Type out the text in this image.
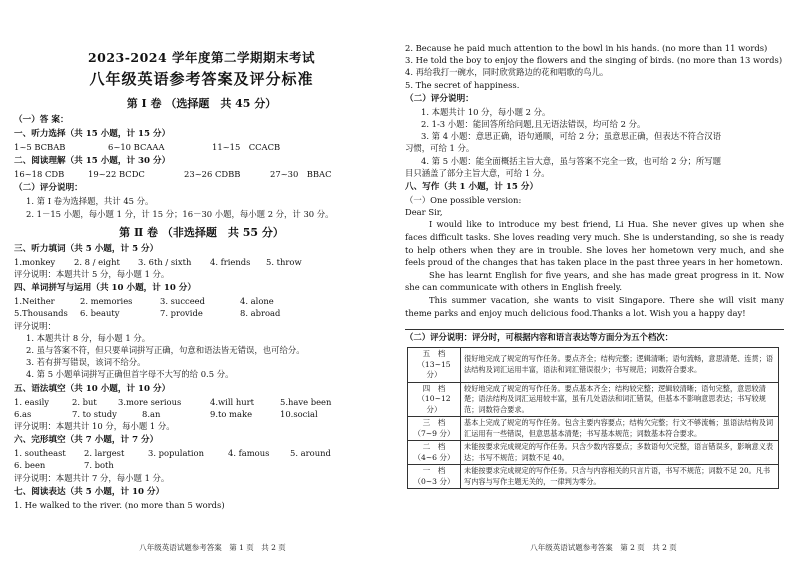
2023-2024 学年度第二学期期末考试
八年级英语参考答案及评分标准
第 Ⅰ 卷 （选择题　共 45 分）
（一）答 案：
一、听力选择（共 15 小题，计 15 分）
1~5 BCBAB	6~10 BCAAA	11~15　CCACB
二、阅读理解（共 15 小题，计 30 分）
16~18 CDB	19~22 BCDC	23~26 CDBB	27~30　BBAC
（二）评分说明：
1. 第 Ⅰ 卷为选择题，共计 45 分。
2. 1－15 小题，每小题 1 分，计 15 分；16－30 小题，每小题 2 分，计 30 分。
第 Ⅱ 卷 （非选择题　共 55 分）
三、听力填词（共 5 小题，计 5 分）
1.monkey 2. 8 / eight 3. 6th / sixth 4. friends 5. throw
评分说明：本题共计 5 分，每小题 1 分。
四、单词拼写与运用（共 10 小题，计 10 分）
1.Neither	2. memories	3. succeed	4. alone
5.Thousands 6. beauty	7. provide	8. abroad
评分说明：
1. 本题共计 8 分，每小题 1 分。
2. 虽与答案不符，但只要单词拼写正确，句意和语法皆无错误，也可给分。
3. 若有拼写错误，该词不给分。
4. 第 5 小题单词拼写正确但首字母不大写的给 0.5 分。
五、语法填空（共 10 小题，计 10 分）
1. easily	2. but	3.more serious	4.will hurt	5.have been
6.as	7. to study	8.an	9.to make	10.social
评分说明：本题共计 10 分，每小题 1 分。
六、完形填空（共 7 小题，计 7 分）
1. southeast 2. largest	3. population	4. famous 5. around
6. been	7. both
评分说明：本题共计 7 分，每小题 1 分。
七、阅读表达（共 5 小题，计 10 分）
1. He walked to the river. (no more than 5 words)
八年级英语试题参考答案　第 1 页　共 2 页
2. Because he paid much attention to the bowl in his hands. (no more than 11 words)
3. He told the boy to enjoy the flowers and the singing of birds. (no more than 13 words)
4. 再给我打一碗水，同时欣赏路边的花和唱歌的鸟儿。
5. The secret of happiness.
（二）评分说明：
1. 本题共计 10 分，每小题 2 分。
2. 1-3 小题：能回答所给问题,且无语法错误，均可给 2 分。
3. 第 4 小题：意思正确，语句通顺，可给 2 分；虽意思正确，但表达不符合汉语
习惯，可给 1 分。
4. 第 5 小题：能全面概括主旨大意，虽与答案不完全一致，也可给 2 分；所写题
目只涵盖了部分主旨大意，可给 1 分。
八、写作（共 1 小题，计 15 分）
（一）One possible version:
Dear Sir,

I would like to introduce my best friend, Li Hua. She never gives up when she faces difficult tasks. She loves reading very much. She is understanding, so she is ready to help others when they are in trouble. She loves her hometown very much, and she feels proud of the changes that has taken place in the past three years in her hometown.

She has learnt English for five years, and she has made great progress in it. Now she can communicate with others in English freely.

This summer vacation, she wants to visit Singapore. There she will visit many theme parks and enjoy much delicious food.Thanks a lot. Wish you a happy day!

（二）评分说明：评分时，可根据内容和语言表达等方面分为五个档次：
五　档
（13~15 分）	很好地完成了规定的写作任务。要点齐全；结构完整；逻辑清晰；语句流畅，意思清楚、连贯；语法结构及词汇运用丰富，语法和词汇错误很少；书写规范；词数符合要求。

四　档
（10~12 分）	较好地完成了规定的写作任务。要点基本齐全；结构较完整；逻辑较清晰；语句完整，意思较清楚；语法结构及词汇运用较丰富，虽有几处语法和词汇错误，但基本不影响意思表达；书写较规范；词数符合要求。

三　档
（7~9 分）	基本上完成了规定的写作任务。包含主要内容要点；结构欠完整；行文不够流畅；虽语法结构及词汇运用有一些错误，但意思基本清楚；书写基本规范；词数基本符合要求。

二　档
（4~6 分）	未能按要求完成规定的写作任务。只含少数内容要点；多数语句欠完整，语言错误多，影响意义表达；书写不规范；词数不足 40。

一　档
（0~3 分）	未能按要求完成规定的写作任务。只含与内容相关的只言片语，书写不规范；词数不足 20。凡书写内容与写作主题无关的，一律判为零分。
八年级英语试题参考答案　第 2 页　共 2 页
